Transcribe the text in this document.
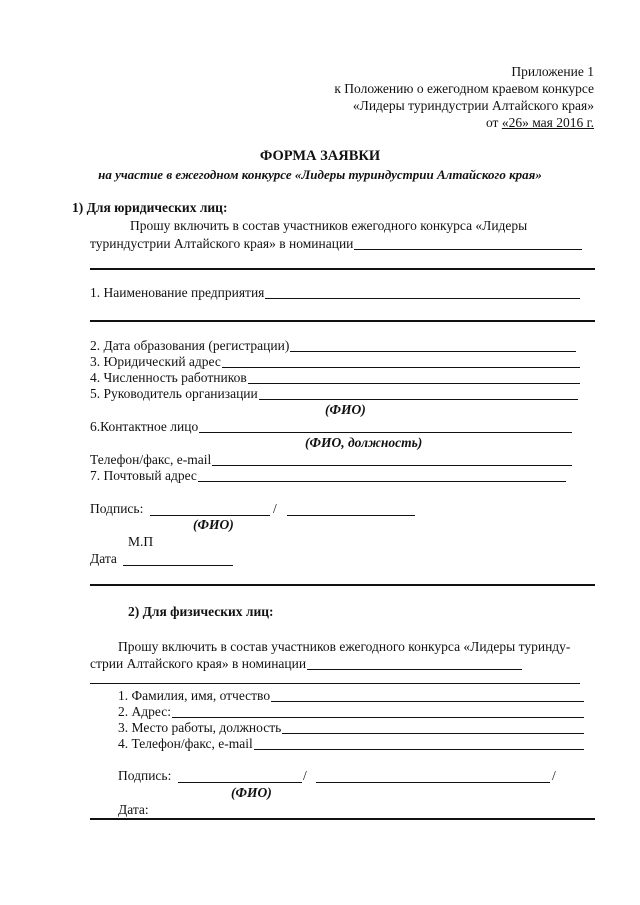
Приложение 1
к Положению о ежегодном краевом конкурсе
«Лидеры туриндустрии Алтайского края»
от «26» мая 2016 г.
ФОРМА ЗАЯВКИ
на участие в ежегодном конкурсе «Лидеры туриндустрии Алтайского края»
1) Для юридических лиц:
Прошу включить в состав участников ежегодного конкурса «Лидеры
туриндустрии Алтайского края» в номинации
1. Наименование предприятия
2. Дата образования (регистрации)
3. Юридический адрес
4. Численность работников
5. Руководитель организации
(ФИО)
6.Контактное лицо
(ФИО, должность)
Телефон/факс, e-mail
7. Почтовый адрес
Подпись:	/
(ФИО)
М.П
Дата
2) Для физических лиц:
Прошу включить в состав участников ежегодного конкурса «Лидеры туринду-
стрии Алтайского края» в номинации
1. Фамилия, имя, отчество
2. Адрес:
3. Место работы, должность
4. Телефон/факс, e-mail
Подпись:	/	/
(ФИО)
Дата:
